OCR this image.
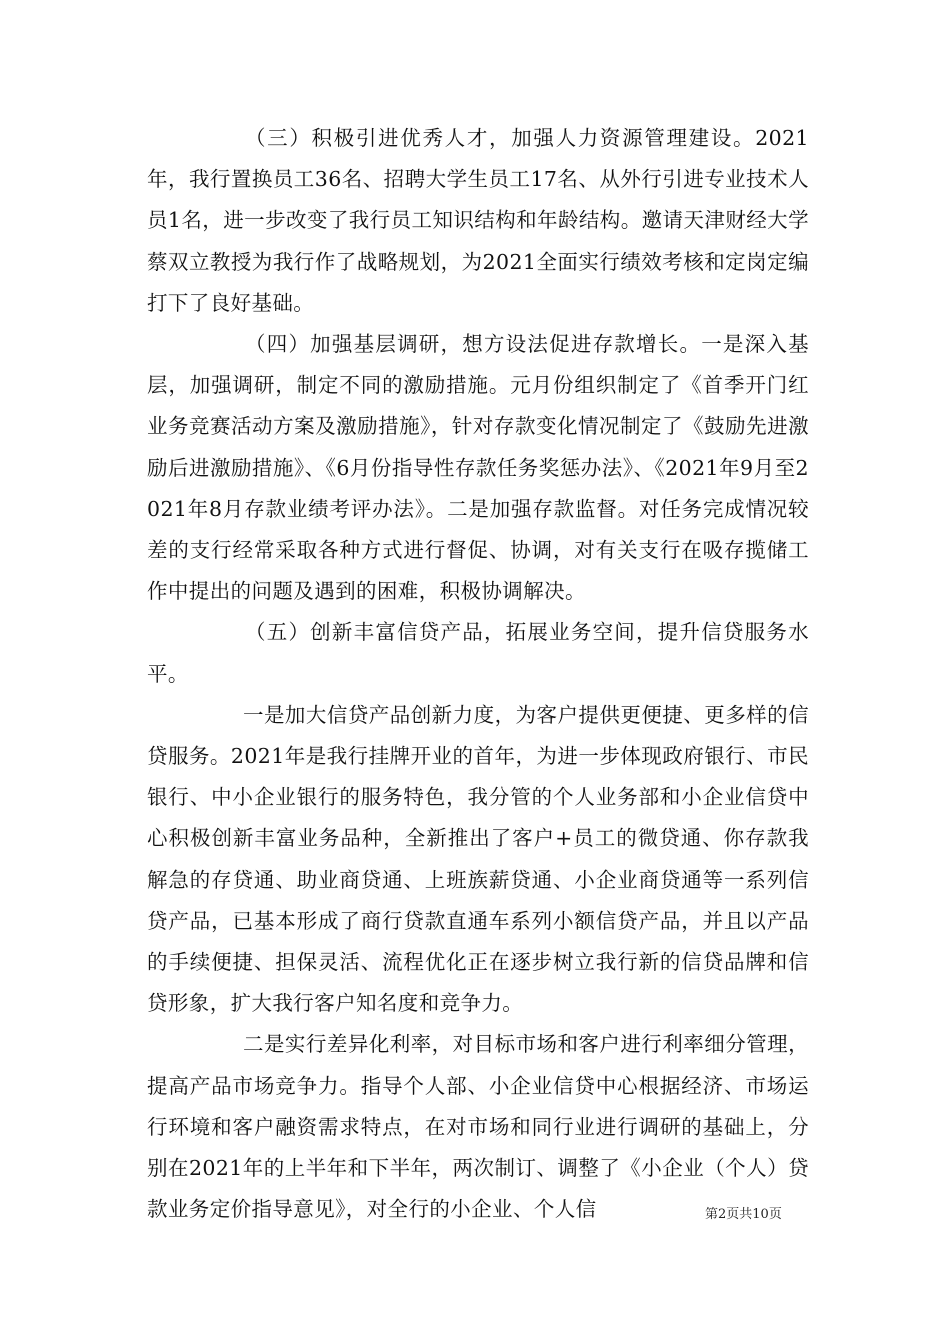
（三）积极引进优秀人才，加强人力资源管理建设。2021年，我行置换员工36名、招聘大学生员工17名、从外行引进专业技术人员1名，进一步改变了我行员工知识结构和年龄结构。邀请天津财经大学蔡双立教授为我行作了战略规划，为2021全面实行绩效考核和定岗定编打下了良好基础。

（四）加强基层调研，想方设法促进存款增长。一是深入基层，加强调研，制定不同的激励措施。元月份组织制定了《首季开门红业务竞赛活动方案及激励措施》，针对存款变化情况制定了《鼓励先进激励后进激励措施》、《6月份指导性存款任务奖惩办法》、《2021年9月至2021年8月存款业绩考评办法》。二是加强存款监督。对任务完成情况较差的支行经常采取各种方式进行督促、协调，对有关支行在吸存揽储工作中提出的问题及遇到的困难，积极协调解决。

（五）创新丰富信贷产品，拓展业务空间，提升信贷服务水平。

一是加大信贷产品创新力度，为客户提供更便捷、更多样的信贷服务。2021年是我行挂牌开业的首年，为进一步体现政府银行、市民银行、中小企业银行的服务特色，我分管的个人业务部和小企业信贷中心积极创新丰富业务品种，全新推出了客户+员工的微贷通、你存款我解急的存贷通、助业商贷通、上班族薪贷通、小企业商贷通等一系列信贷产品，已基本形成了商行贷款直通车系列小额信贷产品，并且以产品的手续便捷、担保灵活、流程优化正在逐步树立我行新的信贷品牌和信贷形象，扩大我行客户知名度和竞争力。

二是实行差异化利率，对目标市场和客户进行利率细分管理，提高产品市场竞争力。指导个人部、小企业信贷中心根据经济、市场运行环境和客户融资需求特点，在对市场和同行业进行调研的基础上，分别在2021年的上半年和下半年，两次制订、调整了《小企业（个人）贷款业务定价指导意见》，对全行的小企业、个人信	第2页共10页
